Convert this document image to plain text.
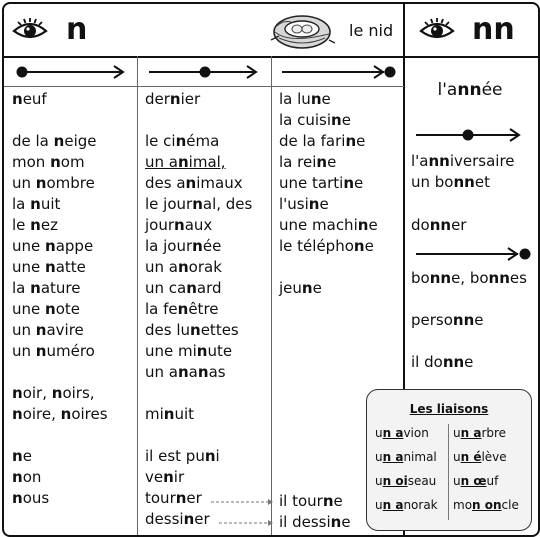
n	le nid	nn
neuf
de la neige
mon nom
un nombre
la nuit
le nez
une nappe
une natte
la nature
une note
un navire
un numéro
noir, noirs,
noire, noires
ne
non
nous
dernier
le cinéma
un animal,
des animaux
le journal, des
journaux
la journée
un anorak
un canard
la fenêtre
des lunettes
une minute
un ananas
minuit
il est puni
venir
tourner
dessiner
la lune
la cuisine
de la farine
la reine
une tartine
l'usine
une machine
le téléphone
jeune
il tourne
il dessine
l'année
l'anniversaire
un bonnet
donner
bonne, bonnes
personne
il donne
Les liaisons
un avion
un animal
un oiseau
un anorak
un arbre
un élève
un œuf
mon oncle
